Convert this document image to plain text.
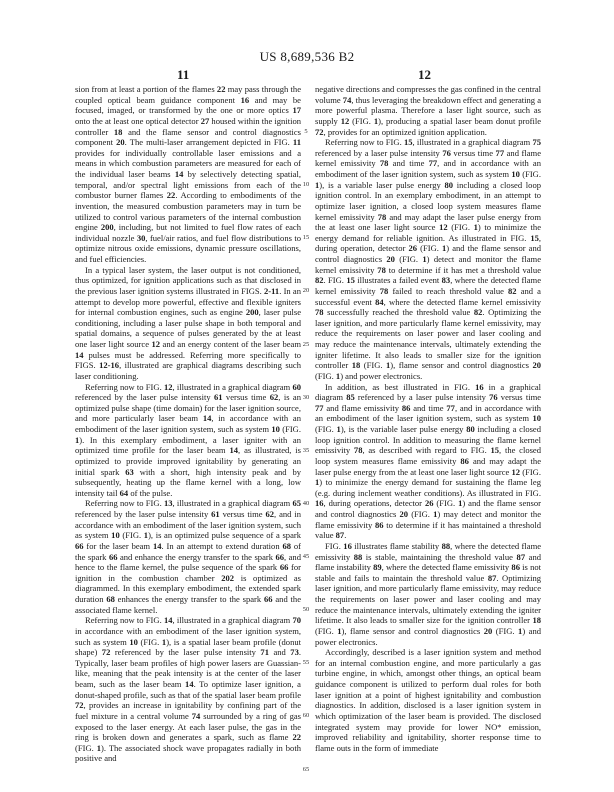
US 8,689,536 B2
11	12

sion from at least a portion of the flames 22 may pass through the coupled optical beam guidance component 16 and may be focused, imaged, or transformed by the one or more optics 17 onto the at least one optical detector 27 housed within the ignition controller 18 and the flame sensor and control diagnostics component 20. The multi-laser arrangement depicted in FIG. 11 provides for individually controllable laser emissions and a means in which combustion parameters are measured for each of the individual laser beams 14 by selectively detecting spatial, temporal, and/or spectral light emissions from each of the combustor burner flames 22. According to embodiments of the invention, the measured combustion parameters may in turn be utilized to control various parameters of the internal combustion engine 200, including, but not limited to fuel flow rates of each individual nozzle 30, fuel/air ratios, and fuel flow distributions to optimize nitrous oxide emissions, dynamic pressure oscillations, and fuel efficiencies.

In a typical laser system, the laser output is not conditioned, thus optimized, for ignition applications such as that disclosed in the previous laser ignition systems illustrated in FIGS. 2-11. In an attempt to develop more powerful, effective and flexible igniters for internal combustion engines, such as engine 200, laser pulse conditioning, including a laser pulse shape in both temporal and spatial domains, a sequence of pulses generated by the at least one laser light source 12 and an energy content of the laser beam 14 pulses must be addressed. Referring more specifically to FIGS. 12-16, illustrated are graphical diagrams describing such laser conditioning.

Referring now to FIG. 12, illustrated in a graphical diagram 60 referenced by the laser pulse intensity 61 versus time 62, is an optimized pulse shape (time domain) for the laser ignition source, and more particularly laser beam 14, in accordance with an embodiment of the laser ignition system, such as system 10 (FIG. 1). In this exemplary embodiment, a laser igniter with an optimized time profile for the laser beam 14, as illustrated, is optimized to provide improved ignitability by generating an initial spark 63 with a short, high intensity peak and by subsequently, heating up the flame kernel with a long, low intensity tail 64 of the pulse.

Referring now to FIG. 13, illustrated in a graphical diagram 65 referenced by the laser pulse intensity 61 versus time 62, and in accordance with an embodiment of the laser ignition system, such as system 10 (FIG. 1), is an optimized pulse sequence of a spark 66 for the laser beam 14. In an attempt to extend duration 68 of the spark 66 and enhance the energy transfer to the spark 66, and hence to the flame kernel, the pulse sequence of the spark 66 for ignition in the combustion chamber 202 is optimized as diagrammed. In this exemplary embodiment, the extended spark duration 68 enhances the energy transfer to the spark 66 and the associated flame kernel.

Referring now to FIG. 14, illustrated in a graphical diagram 70 in accordance with an embodiment of the laser ignition system, such as system 10 (FIG. 1), is a spatial laser beam profile (donut shape) 72 referenced by the laser pulse intensity 71 and 73. Typically, laser beam profiles of high power lasers are Guassian-like, meaning that the peak intensity is at the center of the laser beam, such as the laser beam 14. To optimize laser ignition, a donut-shaped profile, such as that of the spatial laser beam profile 72, provides an increase in ignitability by confining part of the fuel mixture in a central volume 74 surrounded by a ring of gas exposed to the laser energy. At each laser pulse, the gas in the ring is broken down and generates a spark, such as flame 22 (FIG. 1). The associated shock wave propagates radially in both positive and

5
10
15
20
25
30
35
40
45
50
55
60
65

negative directions and compresses the gas confined in the central volume 74, thus leveraging the breakdown effect and generating a more powerful plasma. Therefore a laser light source, such as supply 12 (FIG. 1), producing a spatial laser beam donut profile 72, provides for an optimized ignition application.

Referring now to FIG. 15, illustrated in a graphical diagram 75 referenced by a laser pulse intensity 76 versus time 77 and flame kernel emissivity 78 and time 77, and in accordance with an embodiment of the laser ignition system, such as system 10 (FIG. 1), is a variable laser pulse energy 80 including a closed loop ignition control. In an exemplary embodiment, in an attempt to optimize laser ignition, a closed loop system measures flame kernel emissivity 78 and may adapt the laser pulse energy from the at least one laser light source 12 (FIG. 1) to minimize the energy demand for reliable ignition. As illustrated in FIG. 15, during operation, detector 26 (FIG. 1) and the flame sensor and control diagnostics 20 (FIG. 1) detect and monitor the flame kernel emissivity 78 to determine if it has met a threshold value 82. FIG. 15 illustrates a failed event 83, where the detected flame kernel emissivity 78 failed to reach threshold value 82 and a successful event 84, where the detected flame kernel emissivity 78 successfully reached the threshold value 82. Optimizing the laser ignition, and more particularly flame kernel emissivity, may reduce the requirements on laser power and laser cooling and may reduce the maintenance intervals, ultimately extending the igniter lifetime. It also leads to smaller size for the ignition controller 18 (FIG. 1), flame sensor and control diagnostics 20 (FIG. 1) and power electronics.

In addition, as best illustrated in FIG. 16 in a graphical diagram 85 referenced by a laser pulse intensity 76 versus time 77 and flame emissivity 86 and time 77, and in accordance with an embodiment of the laser ignition system, such as system 10 (FIG. 1), is the variable laser pulse energy 80 including a closed loop ignition control. In addition to measuring the flame kernel emissivity 78, as described with regard to FIG. 15, the closed loop system measures flame emissivity 86 and may adapt the laser pulse energy from the at least one laser light source 12 (FIG. 1) to minimize the energy demand for sustaining the flame leg (e.g. during inclement weather conditions). As illustrated in FIG. 16, during operations, detector 26 (FIG. 1) and the flame sensor and control diagnostics 20 (FIG. 1) may detect and monitor the flame emissivity 86 to determine if it has maintained a threshold value 87.

FIG. 16 illustrates flame stability 88, where the detected flame emissivity 88 is stable, maintaining the threshold value 87 and flame instability 89, where the detected flame emissivity 86 is not stable and fails to maintain the threshold value 87. Optimizing laser ignition, and more particularly flame emissivity, may reduce the requirements on laser power and laser cooling and may reduce the maintenance intervals, ultimately extending the igniter lifetime. It also leads to smaller size for the ignition controller 18 (FIG. 1), flame sensor and control diagnostics 20 (FIG. 1) and power electronics.

Accordingly, described is a laser ignition system and method for an internal combustion engine, and more particularly a gas turbine engine, in which, amongst other things, an optical beam guidance component is utilized to perform dual roles for both laser ignition at a point of highest ignitability and combustion diagnostics. In addition, disclosed is a laser ignition system in which optimization of the laser beam is provided. The disclosed integrated system may provide for lower NO* emission, improved reliability and ignitability, shorter response time to flame outs in the form of immediate
